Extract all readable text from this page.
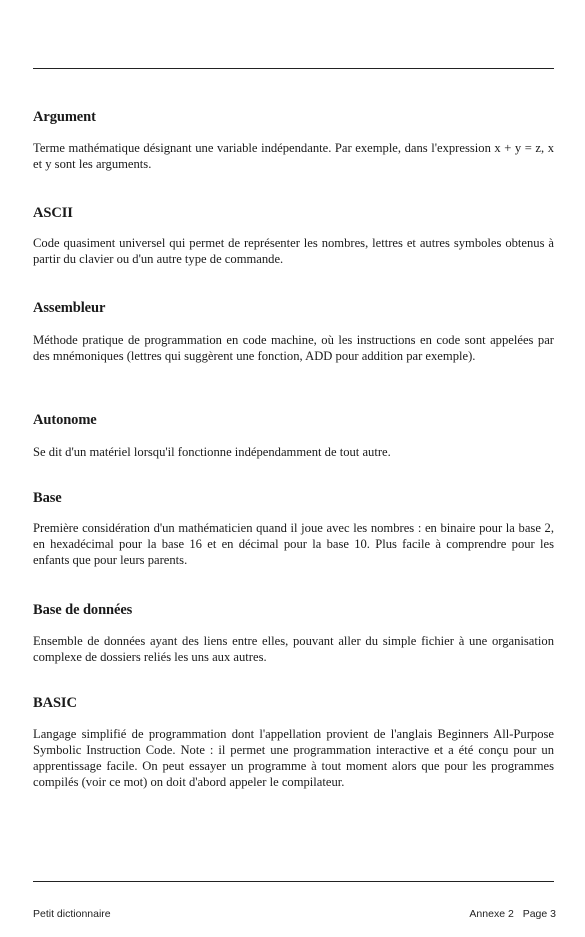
Argument

Terme mathématique désignant une variable indépendante. Par exemple, dans l'expression x + y = z, x et y sont les arguments.

ASCII

Code quasiment universel qui permet de représenter les nombres, lettres et autres symboles obtenus à partir du clavier ou d'un autre type de commande.

Assembleur

Méthode pratique de programmation en code machine, où les instructions en code sont appelées par des mnémoniques (lettres qui suggèrent une fonction, ADD pour addition par exemple).

Autonome

Se dit d'un matériel lorsqu'il fonctionne indépendamment de tout autre.

Base

Première considération d'un mathématicien quand il joue avec les nombres : en binaire pour la base 2, en hexadécimal pour la base 16 et en décimal pour la base 10. Plus facile à comprendre pour les enfants que pour leurs parents.

Base de données

Ensemble de données ayant des liens entre elles, pouvant aller du simple fichier à une organisation complexe de dossiers reliés les uns aux autres.

BASIC

Langage simplifié de programmation dont l'appellation provient de l'anglais Beginners All-Purpose Symbolic Instruction Code. Note : il permet une programmation interactive et a été conçu pour un apprentissage facile. On peut essayer un programme à tout moment alors que pour les programmes compilés (voir ce mot) on doit d'abord appeler le compilateur.

Petit dictionnaire	Annexe 2 Page 3
